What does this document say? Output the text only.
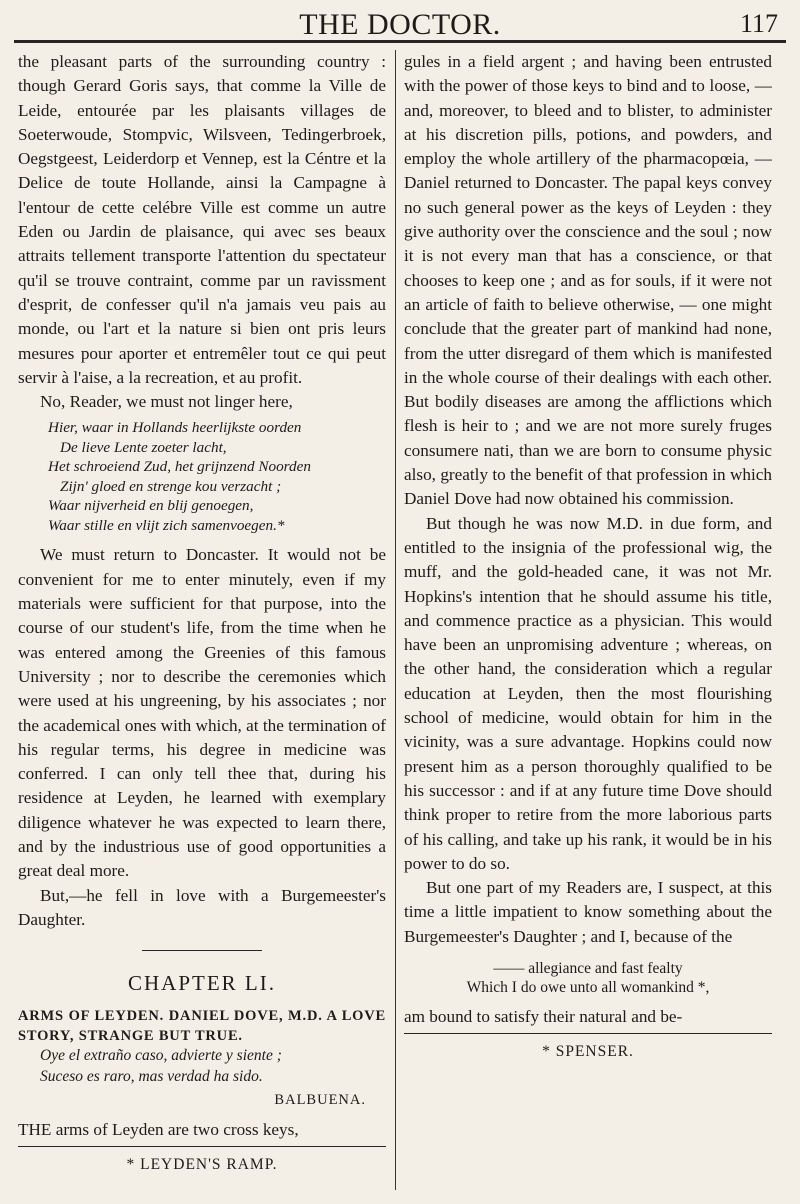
THE DOCTOR.	117

the pleasant parts of the surrounding country : though Gerard Goris says, that comme la Ville de Leide, entourée par les plaisants villages de Soeterwoude, Stompvic, Wilsveen, Tedingerbroek, Oegstgeest, Leiderdorp et Vennep, est la Céntre et la Delice de toute Hollande, ainsi la Campagne à l'entour de cette celébre Ville est comme un autre Eden ou Jardin de plaisance, qui avec ses beaux attraits tellement transporte l'attention du spectateur qu'il se trouve contraint, comme par un ravissment d'esprit, de confesser qu'il n'a jamais veu pais au monde, ou l'art et la nature si bien ont pris leurs mesures pour aporter et entremêler tout ce qui peut servir à l'aise, a la recreation, et au profit.

No, Reader, we must not linger here,

Hier, waar in Hollands heerlijkste oorden
De lieve Lente zoeter lacht,
Het schroeiend Zud, het grijnzend Noorden
Zijn' gloed en strenge kou verzacht ;
Waar nijverheid en blij genoegen,
Waar stille en vlijt zich samenvoegen.*

We must return to Doncaster. It would not be convenient for me to enter minutely, even if my materials were sufficient for that purpose, into the course of our student's life, from the time when he was entered among the Greenies of this famous University ; nor to describe the ceremonies which were used at his ungreening, by his associates ; nor the academical ones with which, at the termination of his regular terms, his degree in medicine was conferred. I can only tell thee that, during his residence at Leyden, he learned with exemplary diligence whatever he was expected to learn there, and by the industrious use of good opportunities a great deal more.

But,—he fell in love with a Burgemeester's Daughter.

CHAPTER LI.

ARMS OF LEYDEN. DANIEL DOVE, M.D. A LOVE STORY, STRANGE BUT TRUE.

Oye el extraño caso, advierte y siente ;
Suceso es raro, mas verdad ha sido.
BALBUENA.

THE arms of Leyden are two cross keys,

* LEYDEN'S RAMP.

gules in a field argent ; and having been entrusted with the power of those keys to bind and to loose, — and, moreover, to bleed and to blister, to administer at his discretion pills, potions, and powders, and employ the whole artillery of the pharmacopœia, — Daniel returned to Doncaster. The papal keys convey no such general power as the keys of Leyden : they give authority over the conscience and the soul ; now it is not every man that has a conscience, or that chooses to keep one ; and as for souls, if it were not an article of faith to believe otherwise, — one might conclude that the greater part of mankind had none, from the utter disregard of them which is manifested in the whole course of their dealings with each other. But bodily diseases are among the afflictions which flesh is heir to ; and we are not more surely fruges consumere nati, than we are born to consume physic also, greatly to the benefit of that profession in which Daniel Dove had now obtained his commission.

But though he was now M.D. in due form, and entitled to the insignia of the professional wig, the muff, and the gold-headed cane, it was not Mr. Hopkins's intention that he should assume his title, and commence practice as a physician. This would have been an unpromising adventure ; whereas, on the other hand, the consideration which a regular education at Leyden, then the most flourishing school of medicine, would obtain for him in the vicinity, was a sure advantage. Hopkins could now present him as a person thoroughly qualified to be his successor : and if at any future time Dove should think proper to retire from the more laborious parts of his calling, and take up his rank, it would be in his power to do so.

But one part of my Readers are, I suspect, at this time a little impatient to know something about the Burgemeester's Daughter ; and I, because of the

—— allegiance and fast fealty
Which I do owe unto all womankind *,

am bound to satisfy their natural and be-

* SPENSER.
